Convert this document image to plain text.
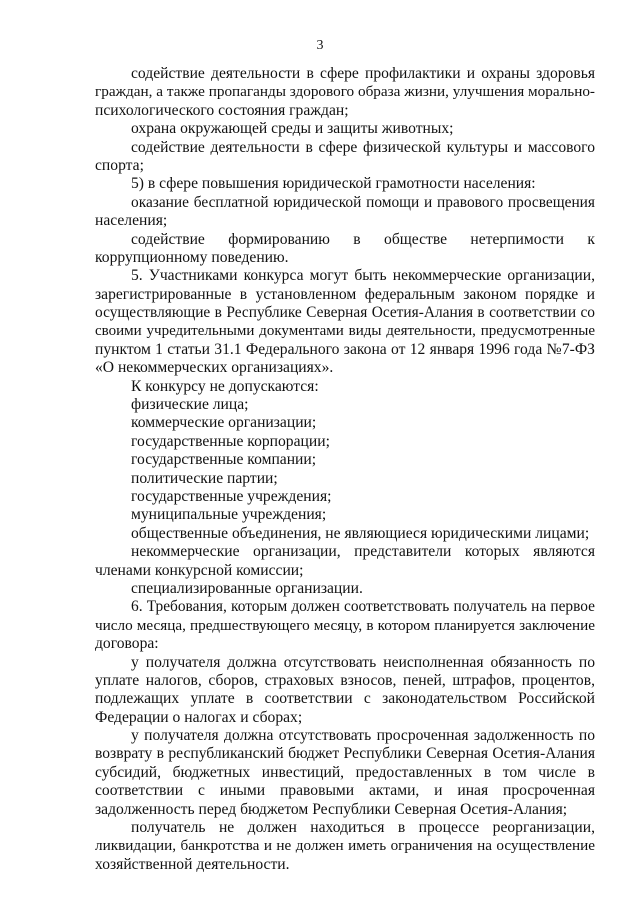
3
содействие деятельности в сфере профилактики и охраны здоровья
граждан, а также пропаганды здорового образа жизни, улучшения морально-
психологического состояния граждан;
охрана окружающей среды и защиты животных;
содействие деятельности в сфере физической культуры и массового
спорта;
5) в сфере повышения юридической грамотности населения:
оказание бесплатной юридической помощи и правового просвещения
населения;
содействие формированию в обществе нетерпимости к
коррупционному поведению.
5. Участниками конкурса могут быть некоммерческие организации,
зарегистрированные в установленном федеральным законом порядке и
осуществляющие в Республике Северная Осетия-Алания в соответствии со
своими учредительными документами виды деятельности, предусмотренные
пунктом 1 статьи 31.1 Федерального закона от 12 января 1996 года №7-ФЗ
«О некоммерческих организациях».
К конкурсу не допускаются:
физические лица;
коммерческие организации;
государственные корпорации;
государственные компании;
политические партии;
государственные учреждения;
муниципальные учреждения;
общественные объединения, не являющиеся юридическими лицами;
некоммерческие организации, представители которых являются
членами конкурсной комиссии;
специализированные организации.
6. Требования, которым должен соответствовать получатель на первое
число месяца, предшествующего месяцу, в котором планируется заключение
договора:
у получателя должна отсутствовать неисполненная обязанность по
уплате налогов, сборов, страховых взносов, пеней, штрафов, процентов,
подлежащих уплате в соответствии с законодательством Российской
Федерации о налогах и сборах;
у получателя должна отсутствовать просроченная задолженность по
возврату в республиканский бюджет Республики Северная Осетия-Алания
субсидий, бюджетных инвестиций, предоставленных в том числе в
соответствии с иными правовыми актами, и иная просроченная
задолженность перед бюджетом Республики Северная Осетия-Алания;
получатель не должен находиться в процессе реорганизации,
ликвидации, банкротства и не должен иметь ограничения на осуществление
хозяйственной деятельности.
